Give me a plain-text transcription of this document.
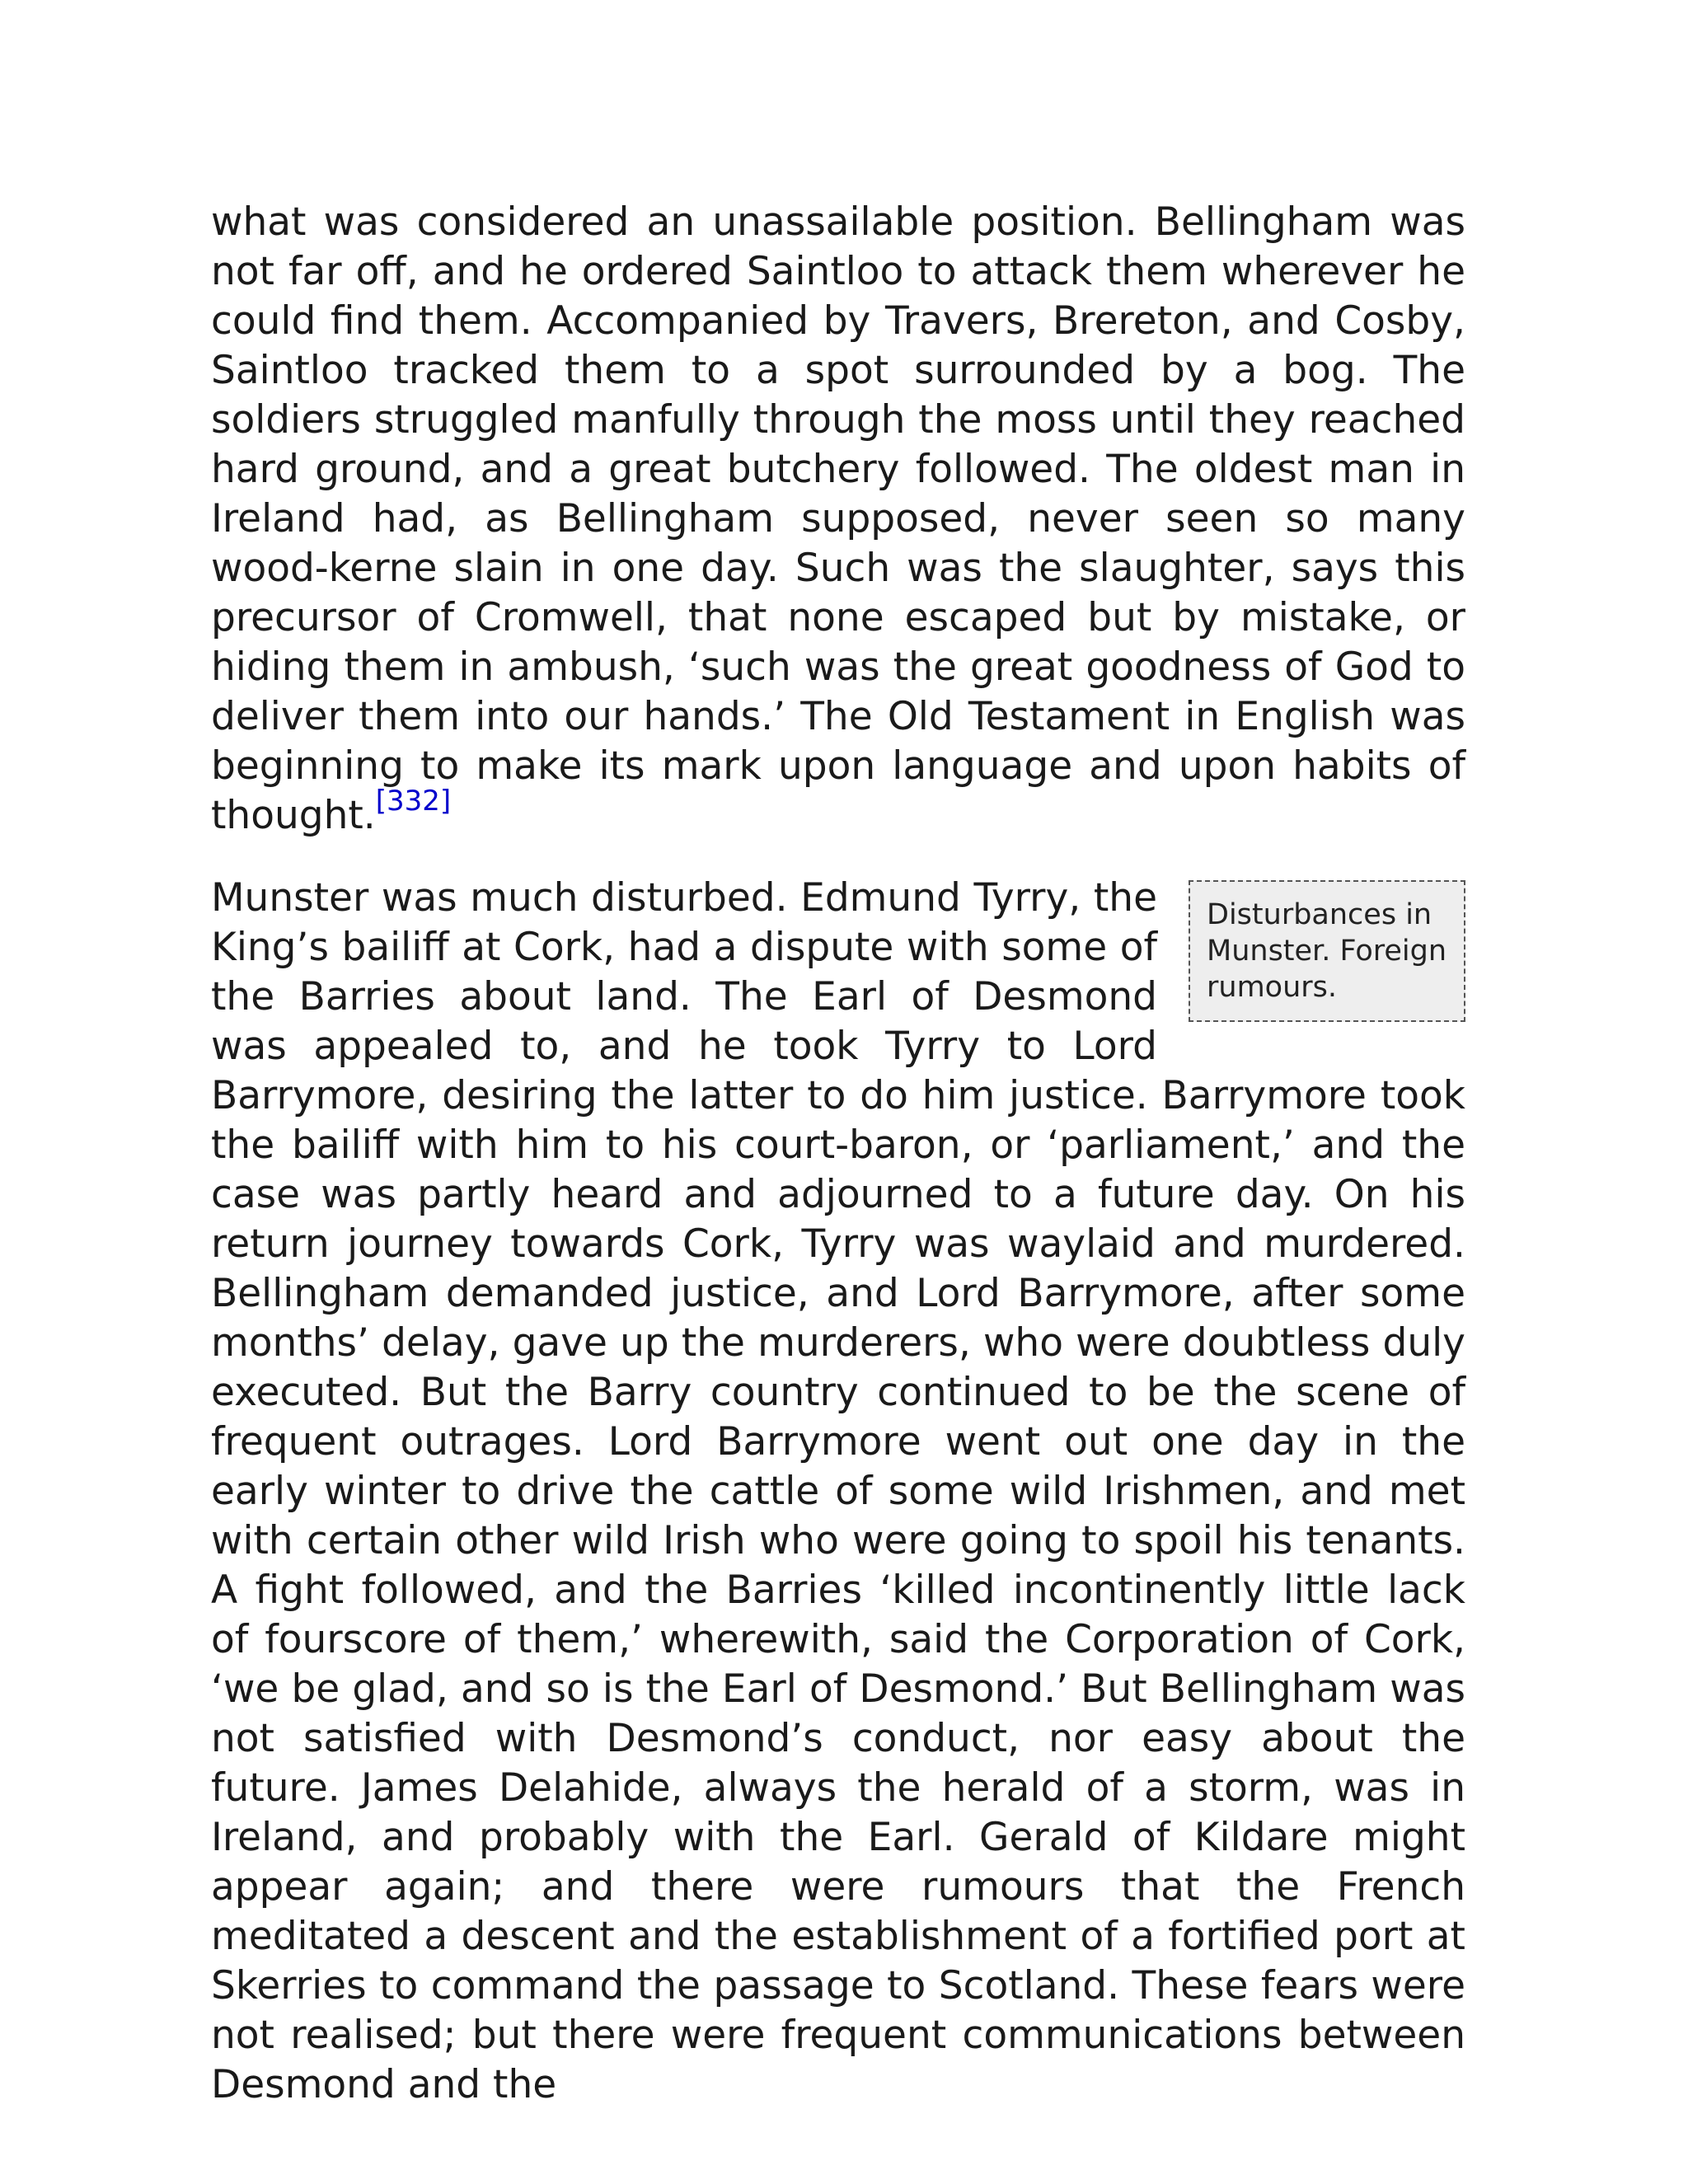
what was considered an unassailable position. Bellingham was not far off, and he ordered Saintloo to attack them wherever he could find them. Accompanied by Travers, Brereton, and Cosby, Saintloo tracked them to a spot surrounded by a bog. The soldiers struggled manfully through the moss until they reached hard ground, and a great butchery followed. The oldest man in Ireland had, as Bellingham supposed, never seen so many wood-kerne slain in one day. Such was the slaughter, says this precursor of Cromwell, that none escaped but by mistake, or hiding them in ambush, ‘such was the great goodness of God to deliver them into our hands.’ The Old Testament in English was beginning to make its mark upon language and upon habits of thought.[332]

Disturbances in Munster. Foreign rumours.
Munster was much disturbed. Edmund Tyrry, the King’s bailiff at Cork, had a dispute with some of the Barries about land. The Earl of Desmond was appealed to, and he took Tyrry to Lord Barrymore, desiring the latter to do him justice. Barrymore took the bailiff with him to his court-baron, or ‘parliament,’ and the case was partly heard and adjourned to a future day. On his return journey towards Cork, Tyrry was waylaid and murdered. Bellingham demanded justice, and Lord Barrymore, after some months’ delay, gave up the murderers, who were doubtless duly executed. But the Barry country continued to be the scene of frequent outrages. Lord Barrymore went out one day in the early winter to drive the cattle of some wild Irishmen, and met with certain other wild Irish who were going to spoil his tenants. A fight followed, and the Barries ‘killed incontinently little lack of fourscore of them,’ wherewith, said the Corporation of Cork, ‘we be glad, and so is the Earl of Desmond.’ But Bellingham was not satisfied with Desmond’s conduct, nor easy about the future. James Delahide, always the herald of a storm, was in Ireland, and probably with the Earl. Gerald of Kildare might appear again; and there were rumours that the French meditated a descent and the establishment of a fortified port at Skerries to command the passage to Scotland. These fears were not realised; but there were frequent communications between Desmond and the
